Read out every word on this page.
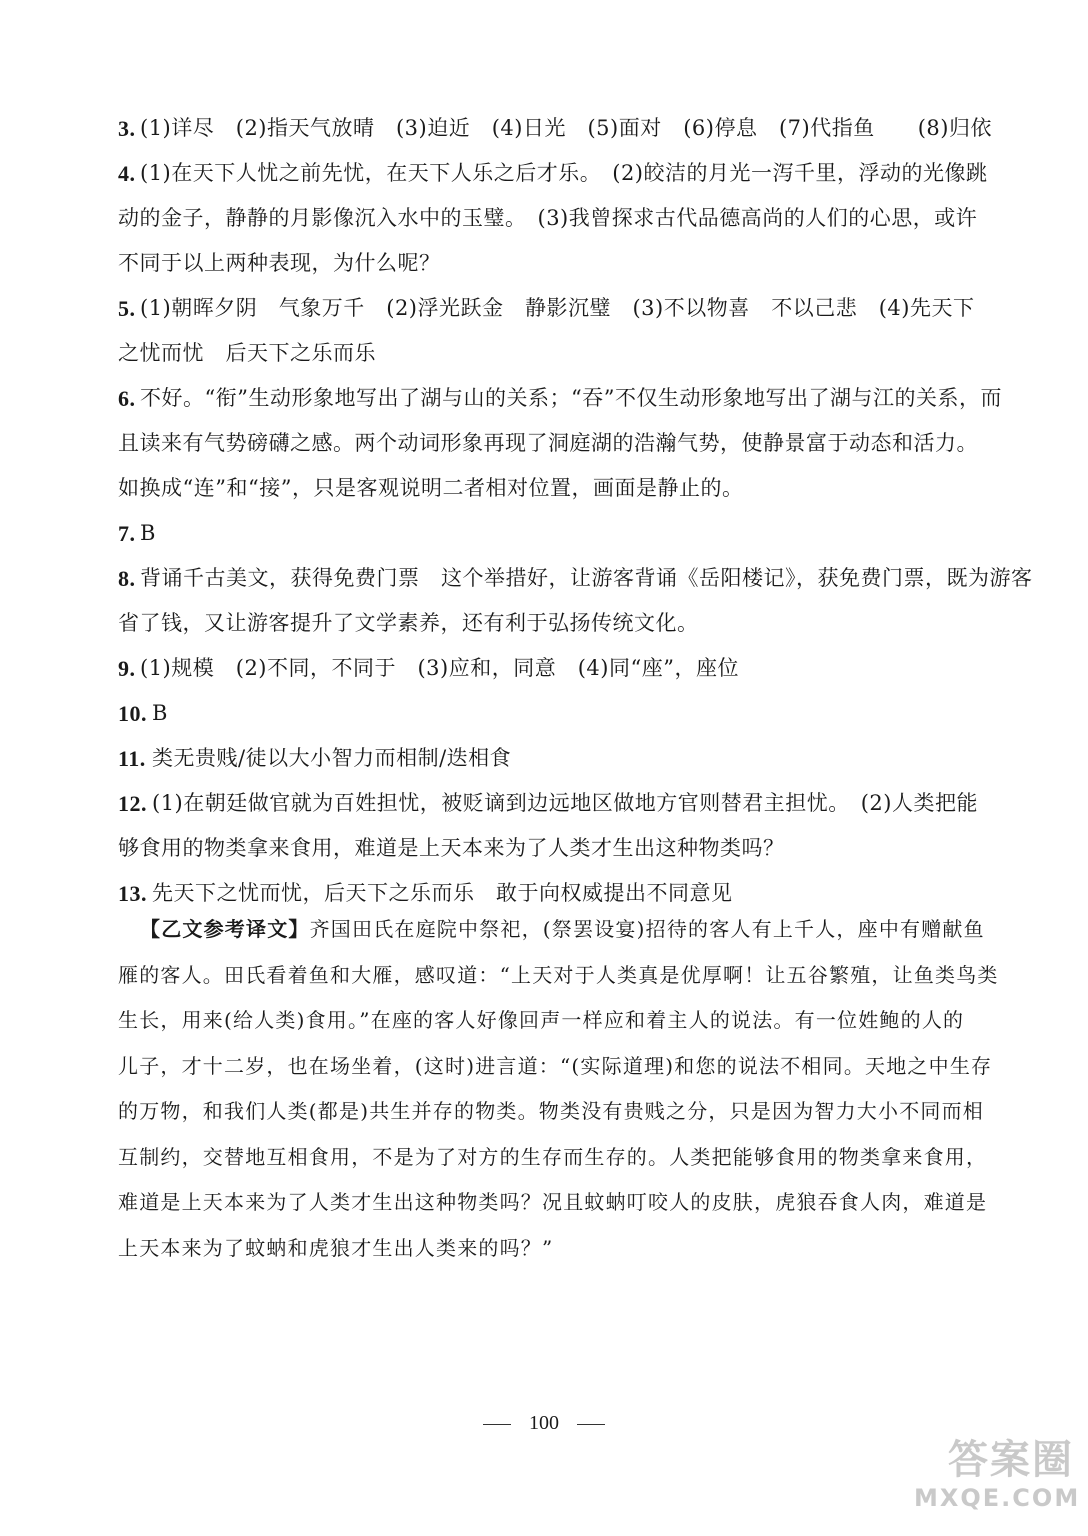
3. (1)详尽　(2)指天气放晴　(3)迫近　(4)日光　(5)面对　(6)停息　(7)代指鱼　　(8)归依
4. (1)在天下人忧之前先忧，在天下人乐之后才乐。　(2)皎洁的月光一泻千里，浮动的光像跳
动的金子，静静的月影像沉入水中的玉璧。　(3)我曾探求古代品德高尚的人们的心思，或许
不同于以上两种表现，为什么呢？
5. (1)朝晖夕阴　气象万千　(2)浮光跃金　静影沉璧　(3)不以物喜　不以己悲　(4)先天下
之忧而忧　后天下之乐而乐
6. 不好。“衔”生动形象地写出了湖与山的关系；“吞”不仅生动形象地写出了湖与江的关系，而
且读来有气势磅礴之感。两个动词形象再现了洞庭湖的浩瀚气势，使静景富于动态和活力。
如换成“连”和“接”，只是客观说明二者相对位置，画面是静止的。
7. B
8. 背诵千古美文，获得免费门票　这个举措好，让游客背诵《岳阳楼记》，获免费门票，既为游客
省了钱，又让游客提升了文学素养，还有利于弘扬传统文化。
9. (1)规模　(2)不同，不同于　(3)应和，同意　(4)同“座”，座位
10. B
11. 类无贵贱/徒以大小智力而相制/迭相食
12. (1)在朝廷做官就为百姓担忧，被贬谪到边远地区做地方官则替君主担忧。　(2)人类把能
够食用的物类拿来食用，难道是上天本来为了人类才生出这种物类吗？
13. 先天下之忧而忧，后天下之乐而乐　敢于向权威提出不同意见
【乙文参考译文】齐国田氏在庭院中祭祀，(祭罢设宴)招待的客人有上千人，座中有赠献鱼
雁的客人。田氏看着鱼和大雁，感叹道：“上天对于人类真是优厚啊！让五谷繁殖，让鱼类鸟类
生长，用来(给人类)食用。”在座的客人好像回声一样应和着主人的说法。有一位姓鲍的人的
儿子，才十二岁，也在场坐着，(这时)进言道：“(实际道理)和您的说法不相同。天地之中生存
的万物，和我们人类(都是)共生并存的物类。物类没有贵贱之分，只是因为智力大小不同而相
互制约，交替地互相食用，不是为了对方的生存而生存的。人类把能够食用的物类拿来食用，
难道是上天本来为了人类才生出这种物类吗？况且蚊蚋叮咬人的皮肤，虎狼吞食人肉，难道是
上天本来为了蚊蚋和虎狼才生出人类来的吗？”
100
答案圈
MXQE.COM
